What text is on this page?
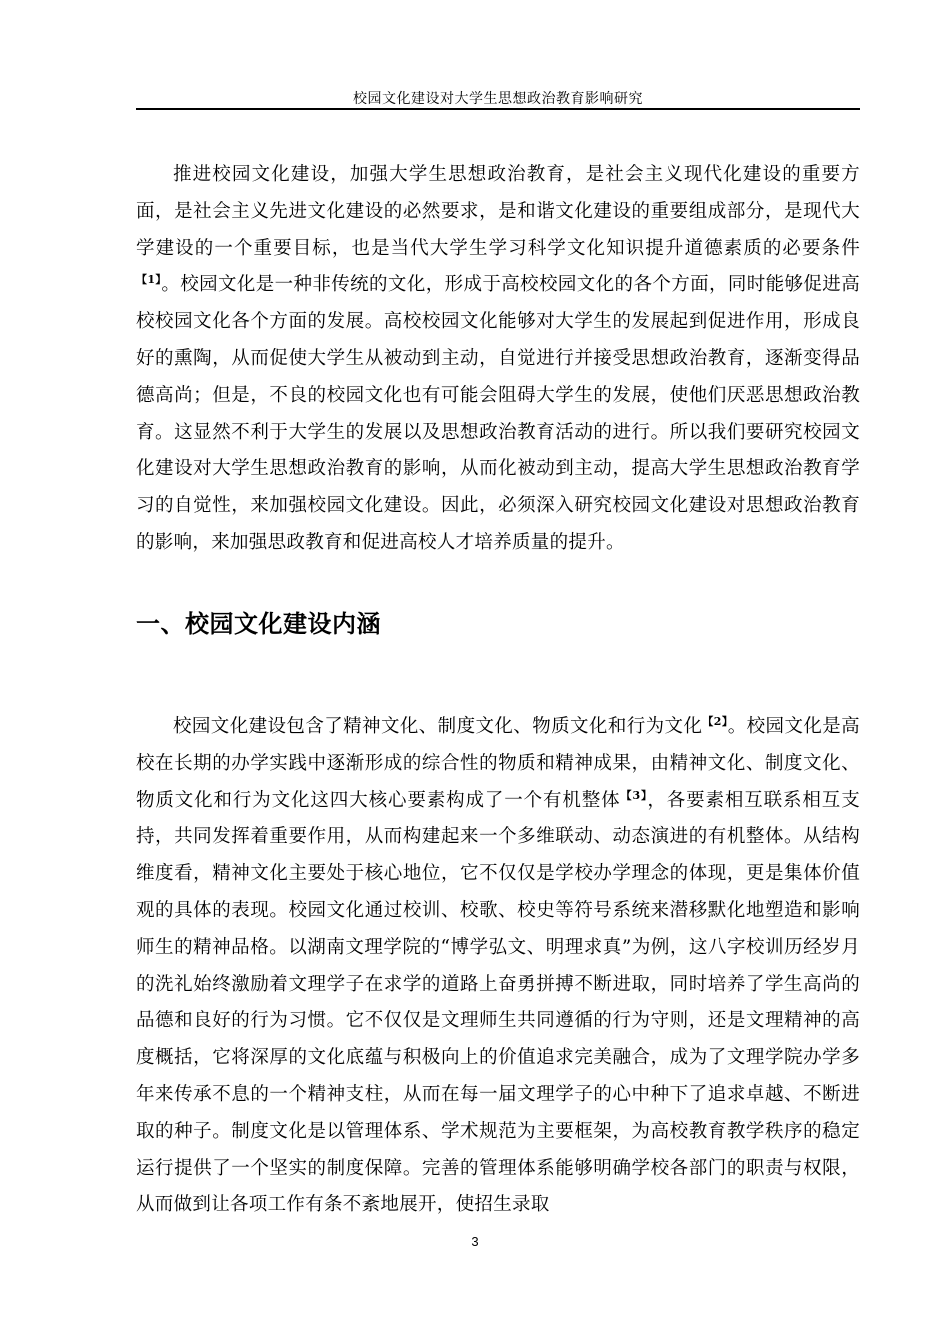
校园文化建设对大学生思想政治教育影响研究

推进校园文化建设，加强大学生思想政治教育，是社会主义现代化建设的重要方面，是社会主义先进文化建设的必然要求，是和谐文化建设的重要组成部分，是现代大学建设的一个重要目标，也是当代大学生学习科学文化知识提升道德素质的必要条件$^{【1】}$。校园文化是一种非传统的文化，形成于高校校园文化的各个方面，同时能够促进高校校园文化各个方面的发展。高校校园文化能够对大学生的发展起到促进作用，形成良好的熏陶，从而促使大学生从被动到主动，自觉进行并接受思想政治教育，逐渐变得品德高尚；但是，不良的校园文化也有可能会阻碍大学生的发展，使他们厌恶思想政治教育。这显然不利于大学生的发展以及思想政治教育活动的进行。所以我们要研究校园文化建设对大学生思想政治教育的影响，从而化被动到主动，提高大学生思想政治教育学习的自觉性，来加强校园文化建设。因此，必须深入研究校园文化建设对思想政治教育的影响，来加强思政教育和促进高校人才培养质量的提升。

一、校园文化建设内涵

校园文化建设包含了精神文化、制度文化、物质文化和行为文化$^{【2】}$。校园文化是高校在长期的办学实践中逐渐形成的综合性的物质和精神成果，由精神文化、制度文化、物质文化和行为文化这四大核心要素构成了一个有机整体$^{【3】}$，各要素相互联系相互支持，共同发挥着重要作用，从而构建起来一个多维联动、动态演进的有机整体。从结构维度看，精神文化主要处于核心地位，它不仅仅是学校办学理念的体现，更是集体价值观的具体的表现。校园文化通过校训、校歌、校史等符号系统来潜移默化地塑造和影响师生的精神品格。以湖南文理学院的“博学弘文、明理求真”为例，这八字校训历经岁月的洗礼始终激励着文理学子在求学的道路上奋勇拼搏不断进取，同时培养了学生高尚的品德和良好的行为习惯。它不仅仅是文理师生共同遵循的行为守则，还是文理精神的高度概括，它将深厚的文化底蕴与积极向上的价值追求完美融合，成为了文理学院办学多年来传承不息的一个精神支柱，从而在每一届文理学子的心中种下了追求卓越、不断进取的种子。制度文化是以管理体系、学术规范为主要框架，为高校教育教学秩序的稳定运行提供了一个坚实的制度保障。完善的管理体系能够明确学校各部门的职责与权限，从而做到让各项工作有条不紊地展开，使招生录取

3
